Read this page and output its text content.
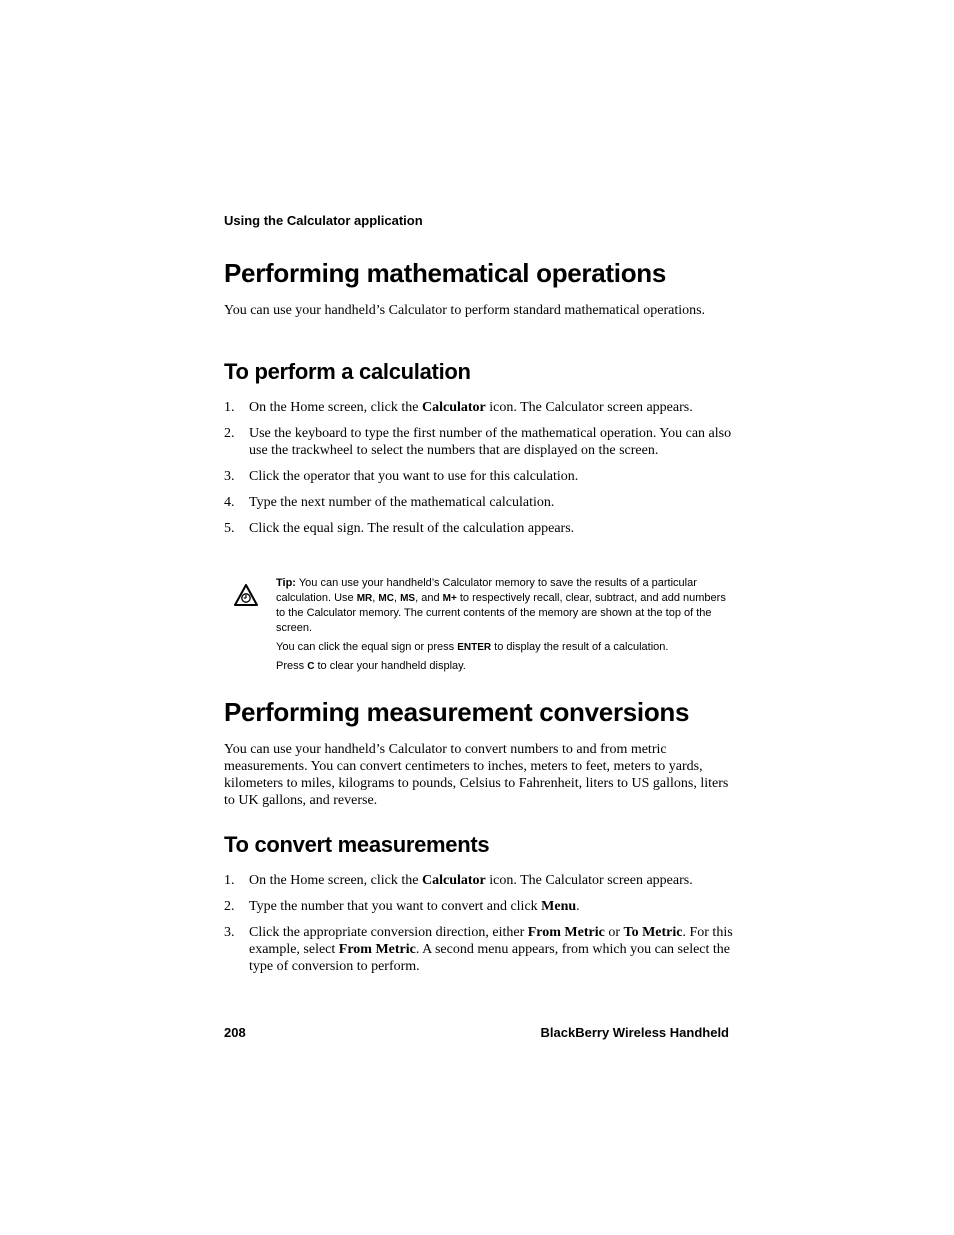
Using the Calculator application
Performing mathematical operations

You can use your handheld’s Calculator to perform standard mathematical operations.

To perform a calculation
1. On the Home screen, click the Calculator icon. The Calculator screen appears.
2. Use the keyboard to type the first number of the mathematical operation. You can also use the trackwheel to select the numbers that are displayed on the screen.
3. Click the operator that you want to use for this calculation.
4. Type the next number of the mathematical calculation.
5. Click the equal sign. The result of the calculation appears.

Tip: You can use your handheld’s Calculator memory to save the results of a particular calculation. Use MR, MC, MS, and M+ to respectively recall, clear, subtract, and add numbers to the Calculator memory. The current contents of the memory are shown at the top of the screen.

You can click the equal sign or press ENTER to display the result of a calculation.

Press C to clear your handheld display.

Performing measurement conversions

You can use your handheld’s Calculator to convert numbers to and from metric measurements. You can convert centimeters to inches, meters to feet, meters to yards, kilometers to miles, kilograms to pounds, Celsius to Fahrenheit, liters to US gallons, liters to UK gallons, and reverse.

To convert measurements
1. On the Home screen, click the Calculator icon. The Calculator screen appears.
2. Type the number that you want to convert and click Menu.
3. Click the appropriate conversion direction, either From Metric or To Metric. For this example, select From Metric. A second menu appears, from which you can select the type of conversion to perform.
208	BlackBerry Wireless Handheld
